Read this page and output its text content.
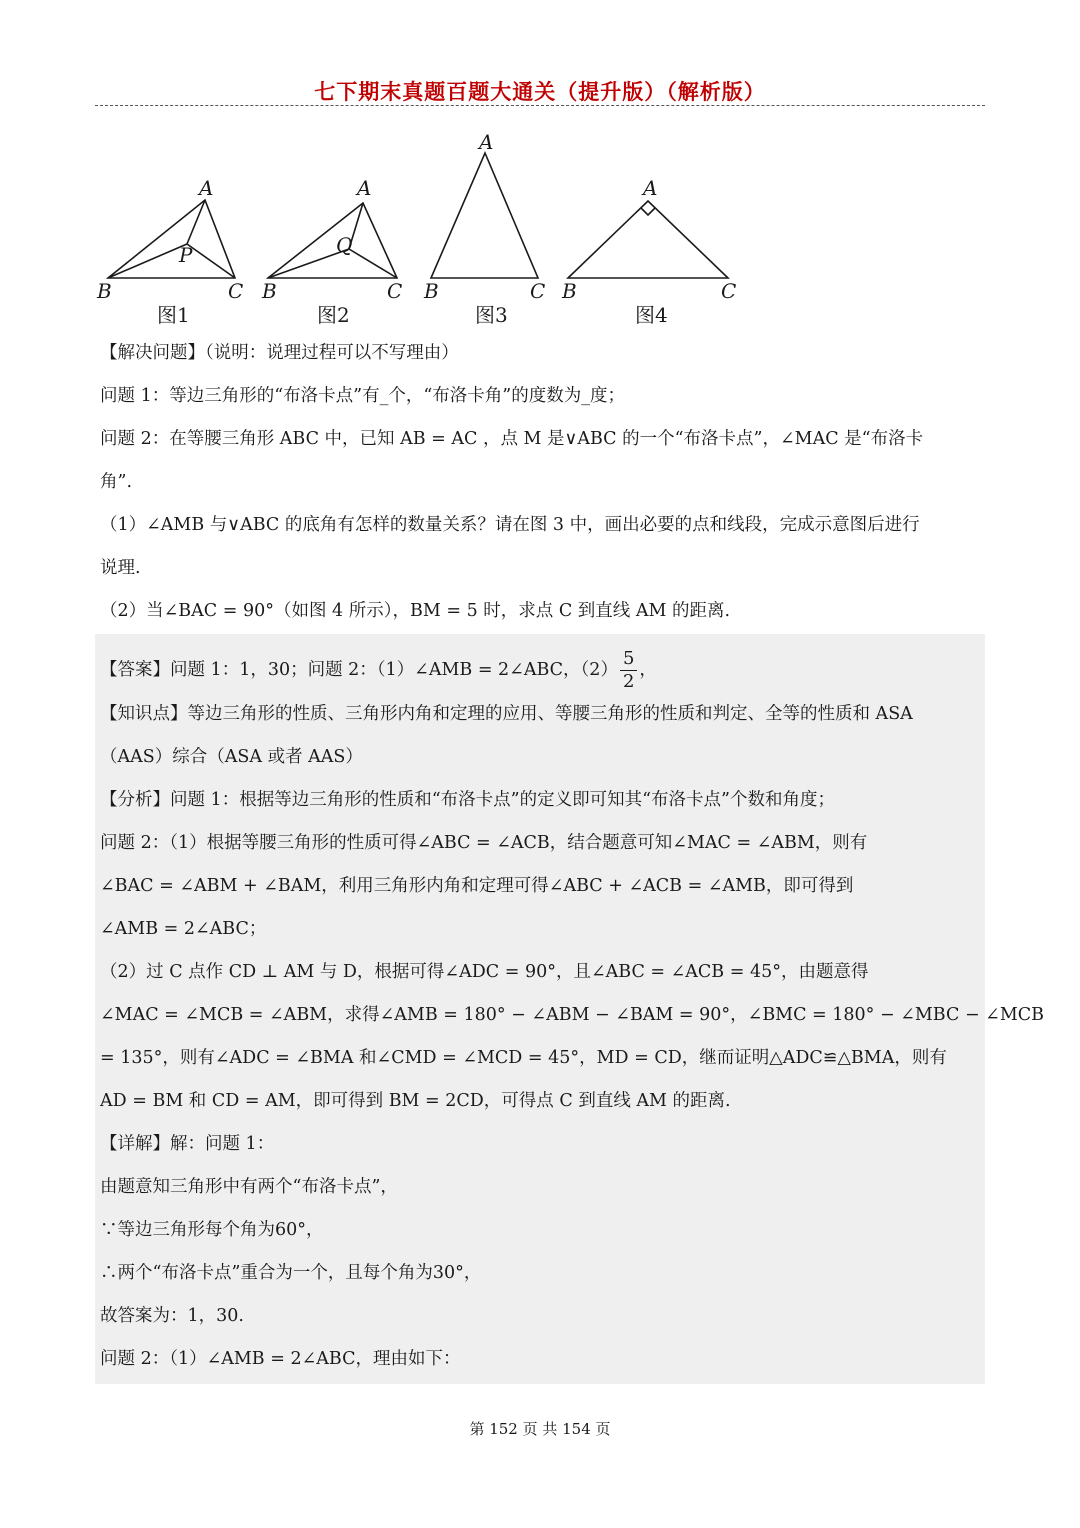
七下期末真题百题大通关（提升版）（解析版）
A
P
B	C
图1
A
Q
B	C
图2
A
B	C
图3
A
B	C
图4
【解决问题】（说明：说理过程可以不写理由）
问题 1：等边三角形的“布洛卡点”有_个，“布洛卡角”的度数为_度；
问题 2：在等腰三角形 ABC 中，已知 AB = AC ，点 M 是∨ABC 的一个“布洛卡点”，∠MAC 是“布洛卡
角”.
（1）∠AMB 与∨ABC 的底角有怎样的数量关系？请在图 3 中，画出必要的点和线段，完成示意图后进行
说理.
（2）当∠BAC = 90°（如图 4 所示），BM = 5 时，求点 C 到直线 AM 的距离.
【答案】问题 1：1，30；问题 2：（1）∠AMB = 2∠ABC，$(2) \frac{5}{2}$ ，
【知识点】等边三角形的性质、三角形内角和定理的应用、等腰三角形的性质和判定、全等的性质和 ASA
（AAS）综合（ASA 或者 AAS）
【分析】问题 1：根据等边三角形的性质和“布洛卡点”的定义即可知其“布洛卡点”个数和角度；
问题 2：（1）根据等腰三角形的性质可得∠ABC = ∠ACB，结合题意可知∠MAC = ∠ABM，则有
∠BAC = ∠ABM + ∠BAM，利用三角形内角和定理可得∠ABC + ∠ACB = ∠AMB，即可得到
∠AMB = 2∠ABC；
（2）过 C 点作 CD ⊥ AM 与 D，根据可得∠ADC = 90°，且∠ABC = ∠ACB = 45°，由题意得
∠MAC = ∠MCB = ∠ABM，求得∠AMB = 180° − ∠ABM − ∠BAM = 90°，∠BMC = 180° − ∠MBC − ∠MCB
= 135°，则有∠ADC = ∠BMA 和∠CMD = ∠MCD = 45°，MD = CD，继而证明△ADC≌△BMA，则有
AD = BM 和 CD = AM，即可得到 BM = 2CD，可得点 C 到直线 AM 的距离.
【详解】解：问题 1：
由题意知三角形中有两个“布洛卡点”，
∵等边三角形每个角为60°，
∴两个“布洛卡点”重合为一个，且每个角为30°，
故答案为：1，30.
问题 2：（1）∠AMB = 2∠ABC，理由如下：
第 152 页 共 154 页
